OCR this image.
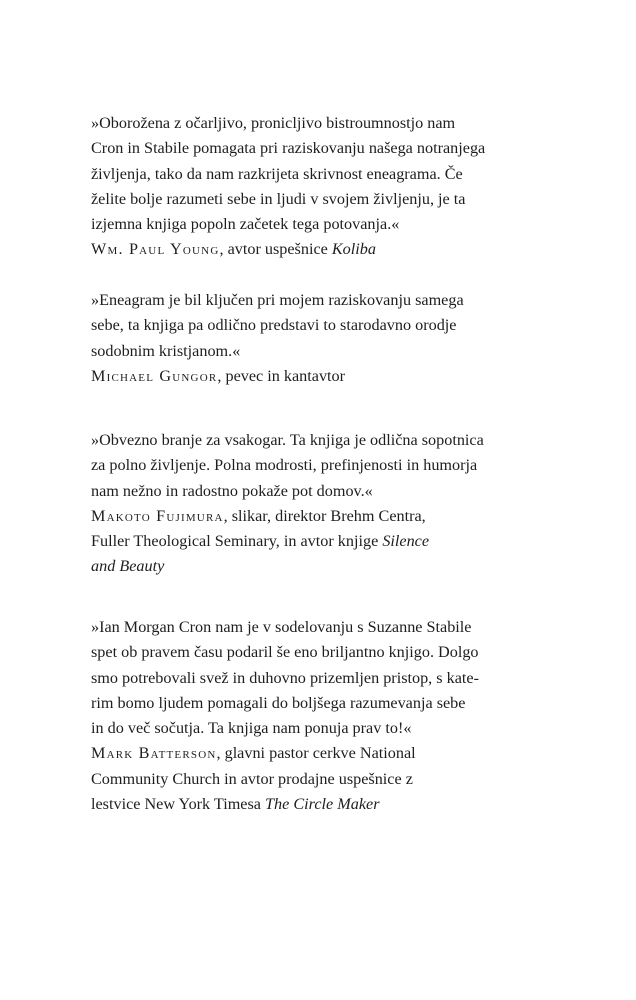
»Oborožena z očarljivo, pronicljivo bistroumnostjo nam
Cron in Stabile pomagata pri raziskovanju našega notranjega
življenja, tako da nam razkrijeta skrivnost eneagrama. Če
želite bolje razumeti sebe in ljudi v svojem življenju, je ta
izjemna knjiga popoln začetek tega potovanja.«
Wm. Paul Young, avtor uspešnice Koliba
»Eneagram je bil ključen pri mojem raziskovanju samega
sebe, ta knjiga pa odlično predstavi to starodavno orodje
sodobnim kristjanom.«
Michael Gungor, pevec in kantavtor
»Obvezno branje za vsakogar. Ta knjiga je odlična sopotnica
za polno življenje. Polna modrosti, prefinjenosti in humorja
nam nežno in radostno pokaže pot domov.«
Makoto Fujimura, slikar, direktor Brehm Centra,
Fuller Theological Seminary, in avtor knjige Silence
and Beauty
»Ian Morgan Cron nam je v sodelovanju s Suzanne Stabile
spet ob pravem času podaril še eno briljantno knjigo. Dolgo
smo potrebovali svež in duhovno prizemljen pristop, s kate-
rim bomo ljudem pomagali do boljšega razumevanja sebe
in do več sočutja. Ta knjiga nam ponuja prav to!«
Mark Batterson, glavni pastor cerkve National
Community Church in avtor prodajne uspešnice z
lestvice New York Timesa The Circle Maker
